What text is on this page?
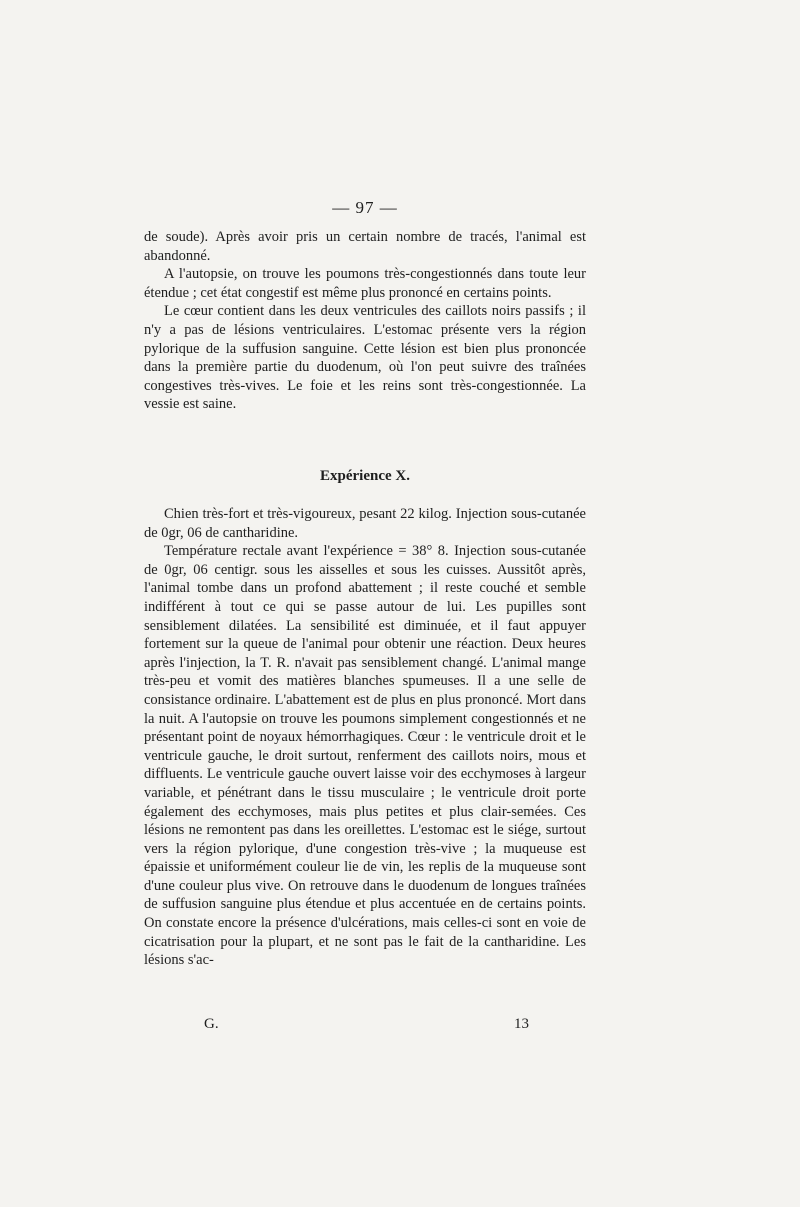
— 97 —

de soude). Après avoir pris un certain nombre de tracés, l'animal est abandonné.

A l'autopsie, on trouve les poumons très-congestionnés dans toute leur étendue ; cet état congestif est même plus prononcé en certains points.

Le cœur contient dans les deux ventricules des caillots noirs passifs ; il n'y a pas de lésions ventriculaires. L'estomac présente vers la région pylorique de la suffusion sanguine. Cette lésion est bien plus prononcée dans la première partie du duodenum, où l'on peut suivre des traînées congestives très-vives. Le foie et les reins sont très-congestionnée. La vessie est saine.

Expérience X.

Chien très-fort et très-vigoureux, pesant 22 kilog. Injection sous-cutanée de 0gr, 06 de cantharidine.

Température rectale avant l'expérience = 38° 8. Injection sous-cutanée de 0gr, 06 centigr. sous les aisselles et sous les cuisses. Aussitôt après, l'animal tombe dans un profond abattement ; il reste couché et semble indifférent à tout ce qui se passe autour de lui. Les pupilles sont sensiblement dilatées. La sensibilité est diminuée, et il faut appuyer fortement sur la queue de l'animal pour obtenir une réaction. Deux heures après l'injection, la T. R. n'avait pas sensiblement changé. L'animal mange très-peu et vomit des matières blanches spumeuses. Il a une selle de consistance ordinaire. L'abattement est de plus en plus prononcé. Mort dans la nuit. A l'autopsie on trouve les poumons simplement congestionnés et ne présentant point de noyaux hémorrhagiques. Cœur : le ventricule droit et le ventricule gauche, le droit surtout, renferment des caillots noirs, mous et diffluents. Le ventricule gauche ouvert laisse voir des ecchymoses à largeur variable, et pénétrant dans le tissu musculaire ; le ventricule droit porte également des ecchymoses, mais plus petites et plus clair-semées. Ces lésions ne remontent pas dans les oreillettes. L'estomac est le siége, surtout vers la région pylorique, d'une congestion très-vive ; la muqueuse est épaissie et uniformément couleur lie de vin, les replis de la muqueuse sont d'une couleur plus vive. On retrouve dans le duodenum de longues traînées de suffusion sanguine plus étendue et plus accentuée en de certains points. On constate encore la présence d'ulcérations, mais celles-ci sont en voie de cicatrisation pour la plupart, et ne sont pas le fait de la cantharidine. Les lésions s'ac-

G.	13
